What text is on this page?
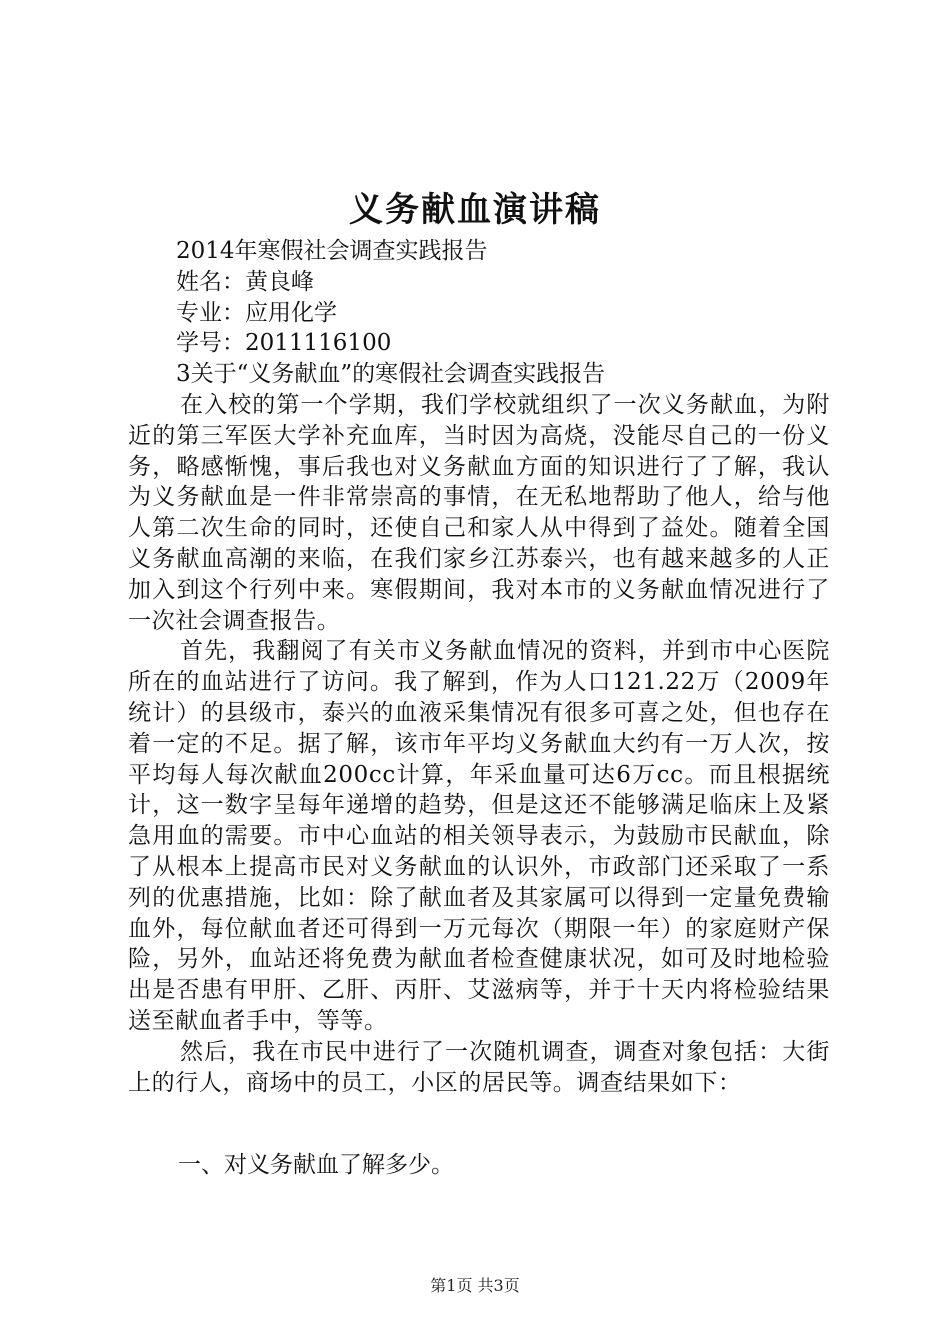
义务献血演讲稿

2014年寒假社会调查实践报告

姓名：黄良峰

专业：应用化学

学号：2011116100

3关于“义务献血”的寒假社会调查实践报告

在入校的第一个学期，我们学校就组织了一次义务献血，为附近的第三军医大学补充血库，当时因为高烧，没能尽自己的一份义务，略感惭愧，事后我也对义务献血方面的知识进行了了解，我认为义务献血是一件非常崇高的事情，在无私地帮助了他人，给与他人第二次生命的同时，还使自己和家人从中得到了益处。随着全国义务献血高潮的来临，在我们家乡江苏泰兴，也有越来越多的人正加入到这个行列中来。寒假期间，我对本市的义务献血情况进行了一次社会调查报告。

首先，我翻阅了有关市义务献血情况的资料，并到市中心医院所在的血站进行了访问。我了解到，作为人口121.22万（2009年统计）的县级市，泰兴的血液采集情况有很多可喜之处，但也存在着一定的不足。据了解，该市年平均义务献血大约有一万人次，按平均每人每次献血200cc计算，年采血量可达6万cc。而且根据统计，这一数字呈每年递增的趋势，但是这还不能够满足临床上及紧急用血的需要。市中心血站的相关领导表示，为鼓励市民献血，除了从根本上提高市民对义务献血的认识外，市政部门还采取了一系列的优惠措施，比如：除了献血者及其家属可以得到一定量免费输血外，每位献血者还可得到一万元每次（期限一年）的家庭财产保险，另外，血站还将免费为献血者检查健康状况，如可及时地检验出是否患有甲肝、乙肝、丙肝、艾滋病等，并于十天内将检验结果送至献血者手中，等等。

然后，我在市民中进行了一次随机调查，调查对象包括：大街上的行人，商场中的员工，小区的居民等。调查结果如下：

一、对义务献血了解多少。
第1页 共3页
